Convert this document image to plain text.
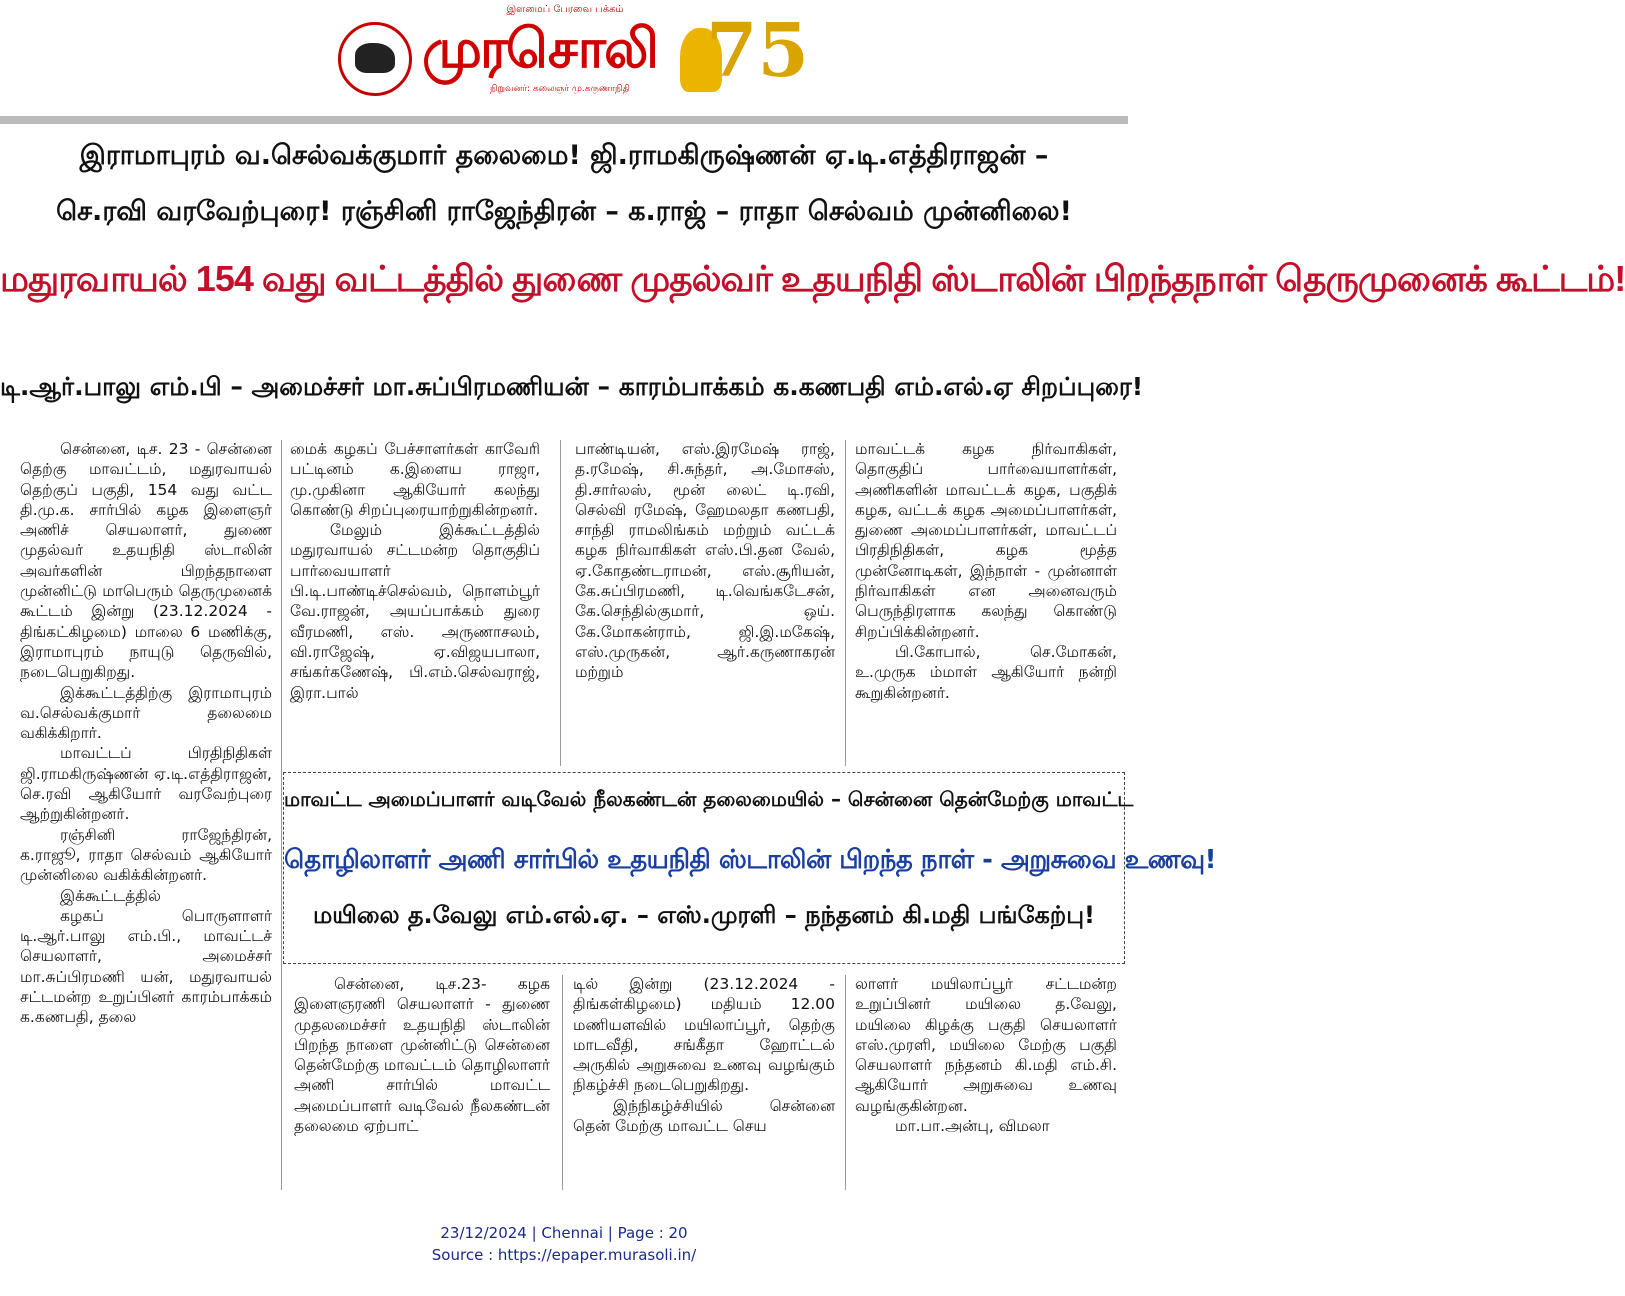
இளமைப் பேரவை பக்கம்
முரசொலி
நிறுவனர்: கலைஞர் மு.கருணாநிதி 75
இராமாபுரம் வ.செல்வக்குமார் தலைமை! ஜி.ராமகிருஷ்ணன் ஏ.டி.எத்திராஜன் –
செ.ரவி வரவேற்புரை! ரஞ்சினி ராஜேந்திரன் – க.ராஜ் – ராதா செல்வம் முன்னிலை!
மதுரவாயல் 154 வது வட்டத்தில் துணை முதல்வர் உதயநிதி ஸ்டாலின் பிறந்தநாள் தெருமுனைக் கூட்டம்!
டி.ஆர்.பாலு எம்.பி – அமைச்சர் மா.சுப்பிரமணியன் – காரம்பாக்கம் க.கணபதி எம்.எல்.ஏ சிறப்புரை!

சென்னை, டிச. 23 - சென்னை தெற்கு மாவட்டம், மதுரவாயல் தெற்குப் பகுதி, 154 வது வட்ட தி.மு.க. சார்பில் கழக இளைஞர் அணிச் செயலாளர், துணை முதல்வர் உதயநிதி ஸ்டாலின் அவர்களின் பிறந்தநாளை முன்னிட்டு மாபெரும் தெருமுனைக் கூட்டம் இன்று (23.12.2024 - திங்கட்கிழமை) மாலை 6 மணிக்கு, இராமாபுரம் நாயுடு தெருவில், நடைபெறுகிறது.

இக்கூட்டத்திற்கு இராமாபுரம் வ.செல்வக்குமார் தலைமை வகிக்கிறார்.

மாவட்டப் பிரதிநிதிகள் ஜி.ராமகிருஷ்ணன் ஏ.டி.எத்திராஜன், செ.ரவி ஆகியோர் வரவேற்புரை ஆற்றுகின்றனர்.

ரஞ்சினி ராஜேந்திரன், க.ராஜூ, ராதா செல்வம் ஆகியோர் முன்னிலை வகிக்கின்றனர்.

இக்கூட்டத்தில்

கழகப் பொருளாளர் டி.ஆர்.பாலு எம்.பி., மாவட்டச் செயலாளர், அமைச்சர் மா.சுப்பிரமணி யன், மதுரவாயல் சட்டமன்ற உறுப்பினர் காரம்பாக்கம் க.கணபதி, தலை

மைக் கழகப் பேச்சாளர்கள் காவேரி பட்டினம் க.இளைய ராஜா, மு.முகினா ஆகியோர் கலந்து கொண்டு சிறப்புரையாற்றுகின்றனர்.

மேலும் இக்கூட்டத்தில் மதுரவாயல் சட்டமன்ற தொகுதிப் பார்வையாளர் பி.டி.பாண்டிச்செல்வம், நொளம்பூர் வே.ராஜன், அயப்பாக்கம் துரை வீரமணி, எஸ். அருணாசலம், வி.ராஜேஷ், ஏ.விஜயபாலா, சங்கர்கணேஷ், பி.எம்.செல்வராஜ், இரா.பால்

பாண்டியன், எஸ்.இரமேஷ் ராஜ், த.ரமேஷ், சி.சுந்தர், அ.மோசஸ், தி.சார்லஸ், மூன் லைட் டி.ரவி, செல்வி ரமேஷ், ஹேமலதா கணபதி, சாந்தி ராமலிங்கம் மற்றும் வட்டக் கழக நிர்வாகிகள் எஸ்.பி.தன வேல், ஏ.கோதண்டராமன், எஸ்.சூரியன், கே.சுப்பிரமணி, டி.வெங்கடேசன், கே.செந்தில்குமார், ஒய். கே.மோகன்ராம், ஜி.இ.மகேஷ், எஸ்.முருகன், ஆர்.கருணாகரன் மற்றும்

மாவட்டக் கழக நிர்வாகிகள், தொகுதிப் பார்வையாளர்கள், அணிகளின் மாவட்டக் கழக, பகுதிக் கழக, வட்டக் கழக அமைப்பாளர்கள், துணை அமைப்பாளர்கள், மாவட்டப் பிரதிநிதிகள், கழக மூத்த முன்னோடிகள், இந்நாள் - முன்னாள் நிர்வாகிகள் என அனைவரும் பெருந்திரளாக கலந்து கொண்டு சிறப்பிக்கின்றனர்.

பி.கோபால், செ.மோகன், உ.முருக ம்மாள் ஆகியோர் நன்றி கூறுகின்றனர்.

மாவட்ட அமைப்பாளர் வடிவேல் நீலகண்டன் தலைமையில் – சென்னை தென்மேற்கு மாவட்ட
தொழிலாளர் அணி சார்பில் உதயநிதி ஸ்டாலின் பிறந்த நாள் - அறுசுவை உணவு!
மயிலை த.வேலு எம்.எல்.ஏ. – எஸ்.முரளி – நந்தனம் கி.மதி பங்கேற்பு!

சென்னை, டிச.23- கழக இளைஞரணி செயலாளர் - துணை முதலமைச்சர் உதயநிதி ஸ்டாலின் பிறந்த நாளை முன்னிட்டு சென்னை தென்மேற்கு மாவட்டம் தொழிலாளர் அணி சார்பில் மாவட்ட அமைப்பாளர் வடிவேல் நீலகண்டன் தலைமை ஏற்பாட்

டில் இன்று (23.12.2024 - திங்கள்கிழமை) மதியம் 12.00 மணியளவில் மயிலாப்பூர், தெற்கு மாடவீதி, சங்கீதா ஹோட்டல் அருகில் அறுசுவை உணவு வழங்கும் நிகழ்ச்சி நடைபெறுகிறது.

இந்நிகழ்ச்சியில் சென்னை தென் மேற்கு மாவட்ட செய

லாளர் மயிலாப்பூர் சட்டமன்ற உறுப்பினர் மயிலை த.வேலு, மயிலை கிழக்கு பகுதி செயலாளர் எஸ்.முரளி, மயிலை மேற்கு பகுதி செயலாளர் நந்தனம் கி.மதி எம்.சி. ஆகியோர் அறுசுவை உணவு வழங்குகின்றன.

மா.பா.அன்பு, விமலா

23/12/2024 | Chennai | Page : 20
Source : https://epaper.murasoli.in/
